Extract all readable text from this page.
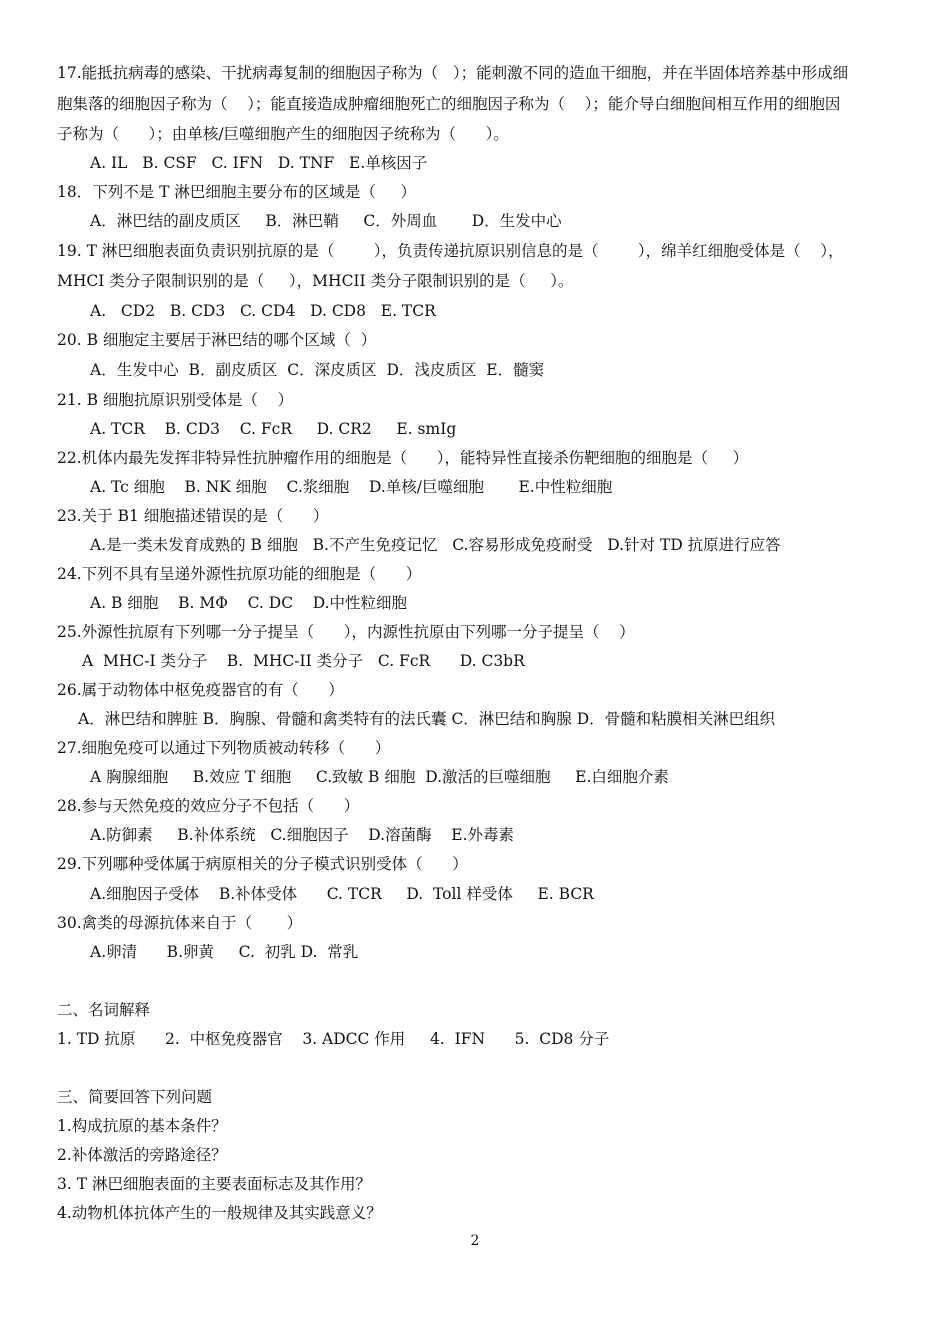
17.能抵抗病毒的感染、干扰病毒复制的细胞因子称为（   ）；能刺激不同的造血干细胞，并在半固体培养基中形成细
胞集落的细胞因子称为（    ）；能直接造成肿瘤细胞死亡的细胞因子称为（    ）；能介导白细胞间相互作用的细胞因
子称为（      ）；由单核/巨噬细胞产生的细胞因子统称为（      ）。
A. IL   B. CSF   C. IFN   D. TNF   E.单核因子
18．下列不是 T 淋巴细胞主要分布的区域是（     ）
A．淋巴结的副皮质区     B．淋巴鞘     C．外周血       D．生发中心
19. T 淋巴细胞表面负责识别抗原的是（        ），负责传递抗原识别信息的是（        ），绵羊红细胞受体是（    ），
MHCI 类分子限制识别的是（     ），MHCII 类分子限制识别的是（     ）。
A.   CD2   B. CD3   C. CD4   D. CD8   E. TCR
20. B 细胞定主要居于淋巴结的哪个区域（  ）
A．生发中心  B．副皮质区  C．深皮质区  D．浅皮质区  E．髓窦
21. B 细胞抗原识别受体是（    ）
A. TCR    B. CD3    C. FcR     D. CR2     E. smIg
22.机体内最先发挥非特异性抗肿瘤作用的细胞是（      ），能特异性直接杀伤靶细胞的细胞是（     ）
A. Tc 细胞    B. NK 细胞    C.浆细胞    D.单核/巨噬细胞       E.中性粒细胞
23.关于 B1 细胞描述错误的是（      ）
A.是一类未发育成熟的 B 细胞   B.不产生免疫记忆   C.容易形成免疫耐受   D.针对 TD 抗原进行应答
24.下列不具有呈递外源性抗原功能的细胞是（      ）
A. B 细胞    B. MΦ    C. DC    D.中性粒细胞
25.外源性抗原有下列哪一分子提呈（      ），内源性抗原由下列哪一分子提呈（    ）
A  MHC-I 类分子    B.  MHC-II 类分子   C. FcR      D. C3bR
26.属于动物体中枢免疫器官的有（      ）
A．淋巴结和脾脏 B．胸腺、骨髓和禽类特有的法氏囊 C．淋巴结和胸腺 D．骨髓和粘膜相关淋巴组织
27.细胞免疫可以通过下列物质被动转移（      ）
A 胸腺细胞     B.效应 T 细胞     C.致敏 B 细胞  D.激活的巨噬细胞     E.白细胞介素
28.参与天然免疫的效应分子不包括（      ）
A.防御素     B.补体系统   C.细胞因子    D.溶菌酶    E.外毒素
29.下列哪种受体属于病原相关的分子模式识别受体（      ）
A.细胞因子受体    B.补体受体      C. TCR     D.  Toll 样受体     E. BCR
30.禽类的母源抗体来自于（       ）
A.卵清      B.卵黄     C.  初乳 D.  常乳
二、名词解释
1. TD 抗原      2.  中枢免疫器官    3. ADCC 作用     4.  IFN      5.  CD8 分子
三、简要回答下列问题
1.构成抗原的基本条件？
2.补体激活的旁路途径？
3. T 淋巴细胞表面的主要表面标志及其作用？
4.动物机体抗体产生的一般规律及其实践意义？
2
